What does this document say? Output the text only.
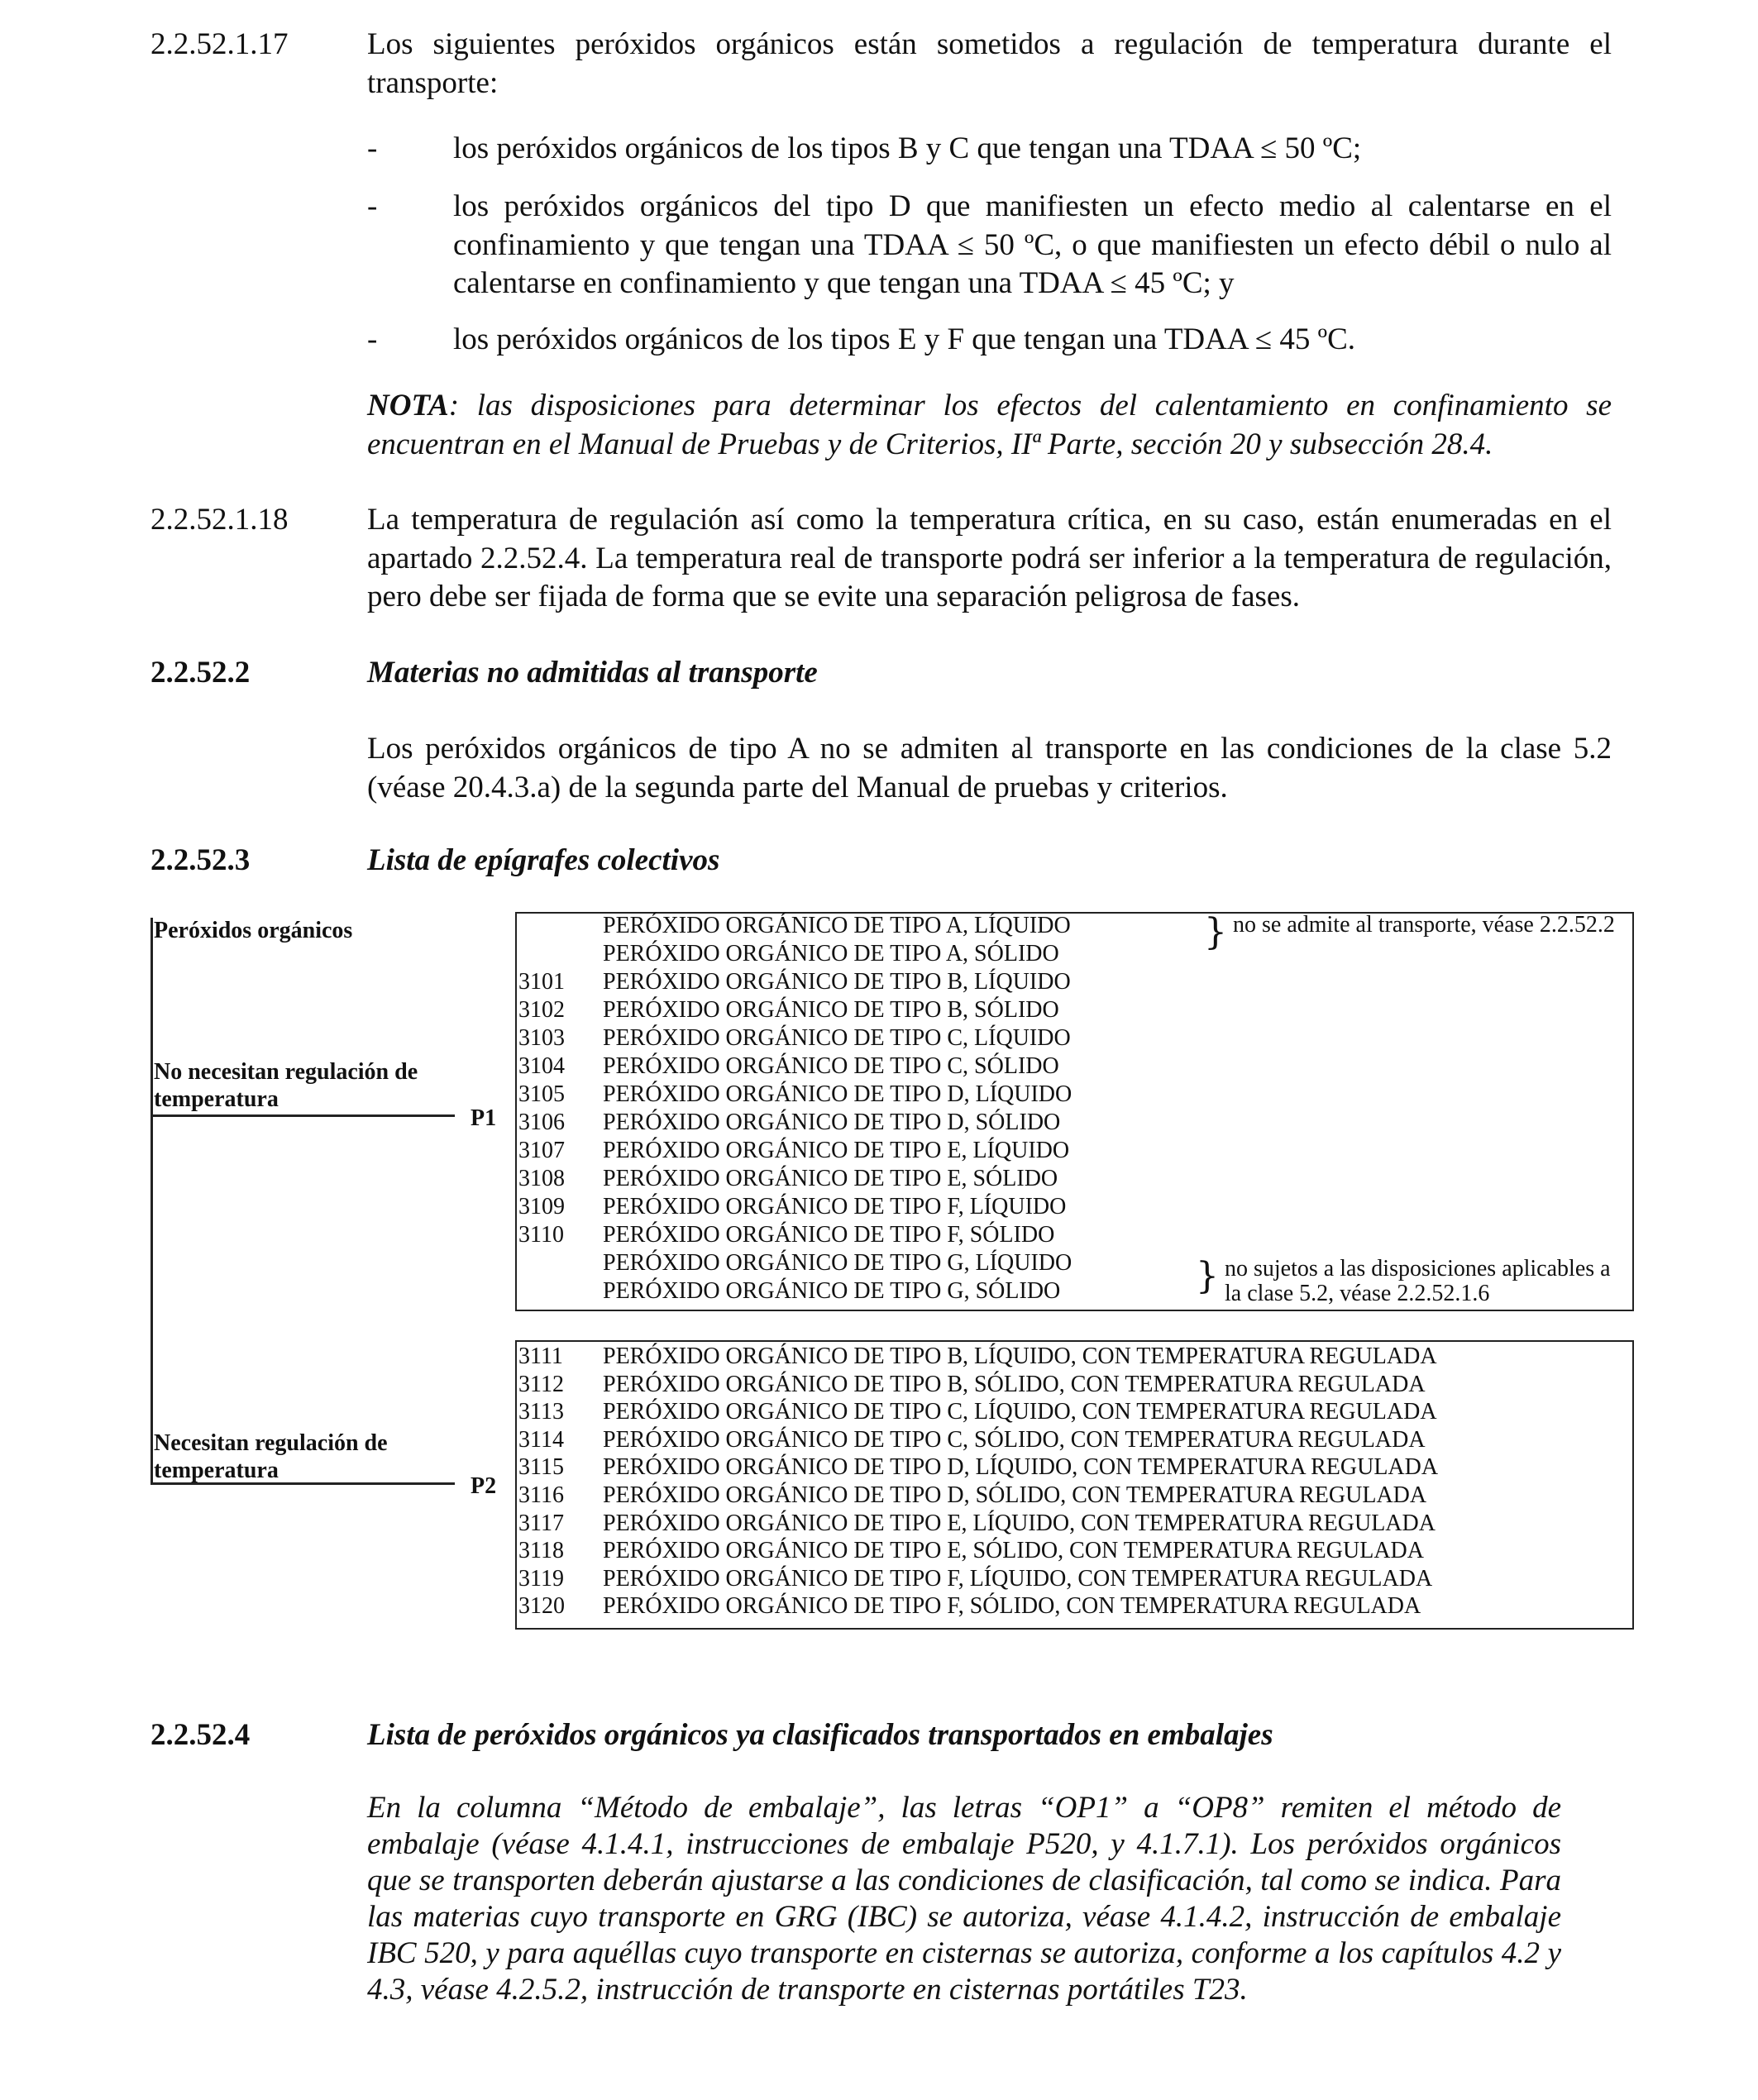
2.2.52.1.17	Los siguientes peróxidos orgánicos están sometidos a regulación de temperatura durante el transporte:
- los peróxidos orgánicos de los tipos B y C que tengan una TDAA ≤ 50 ºC;
- los peróxidos orgánicos del tipo D que manifiesten un efecto medio al calentarse en el confinamiento y que tengan una TDAA ≤ 50 ºC, o que manifiesten un efecto débil o nulo al calentarse en confinamiento y que tengan una TDAA ≤ 45 ºC; y
- los peróxidos orgánicos de los tipos E y F que tengan una TDAA ≤ 45 ºC.
NOTA: las disposiciones para determinar los efectos del calentamiento en confinamiento se encuentran en el Manual de Pruebas y de Criterios, IIª Parte, sección 20 y subsección 28.4.
2.2.52.1.18	La temperatura de regulación así como la temperatura crítica, en su caso, están enumeradas en el apartado 2.2.52.4. La temperatura real de transporte podrá ser inferior a la temperatura de regulación, pero debe ser fijada de forma que se evite una separación peligrosa de fases.
2.2.52.2	Materias no admitidas al transporte
Los peróxidos orgánicos de tipo A no se admiten al transporte en las condiciones de la clase 5.2 (véase 20.4.3.a) de la segunda parte del Manual de pruebas y criterios.
2.2.52.3	Lista de epígrafes colectivos
Peróxidos orgánicos
No necesitan regulación de temperatura
P1
Necesitan regulación de temperatura
P2
PERÓXIDO ORGÁNICO DE TIPO A, LÍQUIDO
PERÓXIDO ORGÁNICO DE TIPO A, SÓLIDO
3101 PERÓXIDO ORGÁNICO DE TIPO B, LÍQUIDO
3102 PERÓXIDO ORGÁNICO DE TIPO B, SÓLIDO
3103 PERÓXIDO ORGÁNICO DE TIPO C, LÍQUIDO
3104 PERÓXIDO ORGÁNICO DE TIPO C, SÓLIDO
3105 PERÓXIDO ORGÁNICO DE TIPO D, LÍQUIDO
3106 PERÓXIDO ORGÁNICO DE TIPO D, SÓLIDO
3107 PERÓXIDO ORGÁNICO DE TIPO E, LÍQUIDO
3108 PERÓXIDO ORGÁNICO DE TIPO E, SÓLIDO
3109 PERÓXIDO ORGÁNICO DE TIPO F, LÍQUIDO
3110 PERÓXIDO ORGÁNICO DE TIPO F, SÓLIDO
PERÓXIDO ORGÁNICO DE TIPO G, LÍQUIDO
PERÓXIDO ORGÁNICO DE TIPO G, SÓLIDO
} no se admite al transporte, véase 2.2.52.2
} no sujetos a las disposiciones aplicables a la clase 5.2, véase 2.2.52.1.6
3111 PERÓXIDO ORGÁNICO DE TIPO B, LÍQUIDO, CON TEMPERATURA REGULADA
3112 PERÓXIDO ORGÁNICO DE TIPO B, SÓLIDO, CON TEMPERATURA REGULADA
3113 PERÓXIDO ORGÁNICO DE TIPO C, LÍQUIDO, CON TEMPERATURA REGULADA
3114 PERÓXIDO ORGÁNICO DE TIPO C, SÓLIDO, CON TEMPERATURA REGULADA
3115 PERÓXIDO ORGÁNICO DE TIPO D, LÍQUIDO, CON TEMPERATURA REGULADA
3116 PERÓXIDO ORGÁNICO DE TIPO D, SÓLIDO, CON TEMPERATURA REGULADA
3117 PERÓXIDO ORGÁNICO DE TIPO E, LÍQUIDO, CON TEMPERATURA REGULADA
3118 PERÓXIDO ORGÁNICO DE TIPO E, SÓLIDO, CON TEMPERATURA REGULADA
3119 PERÓXIDO ORGÁNICO DE TIPO F, LÍQUIDO, CON TEMPERATURA REGULADA
3120 PERÓXIDO ORGÁNICO DE TIPO F, SÓLIDO, CON TEMPERATURA REGULADA
2.2.52.4	Lista de peróxidos orgánicos ya clasificados transportados en embalajes
En la columna “Método de embalaje”, las letras “OP1” a “OP8” remiten el método de embalaje (véase 4.1.4.1, instrucciones de embalaje P520, y 4.1.7.1). Los peróxidos orgánicos que se transporten deberán ajustarse a las condiciones de clasificación, tal como se indica. Para las materias cuyo transporte en GRG (IBC) se autoriza, véase 4.1.4.2, instrucción de embalaje IBC 520, y para aquéllas cuyo transporte en cisternas se autoriza, conforme a los capítulos 4.2 y 4.3, véase 4.2.5.2, instrucción de transporte en cisternas portátiles T23.
